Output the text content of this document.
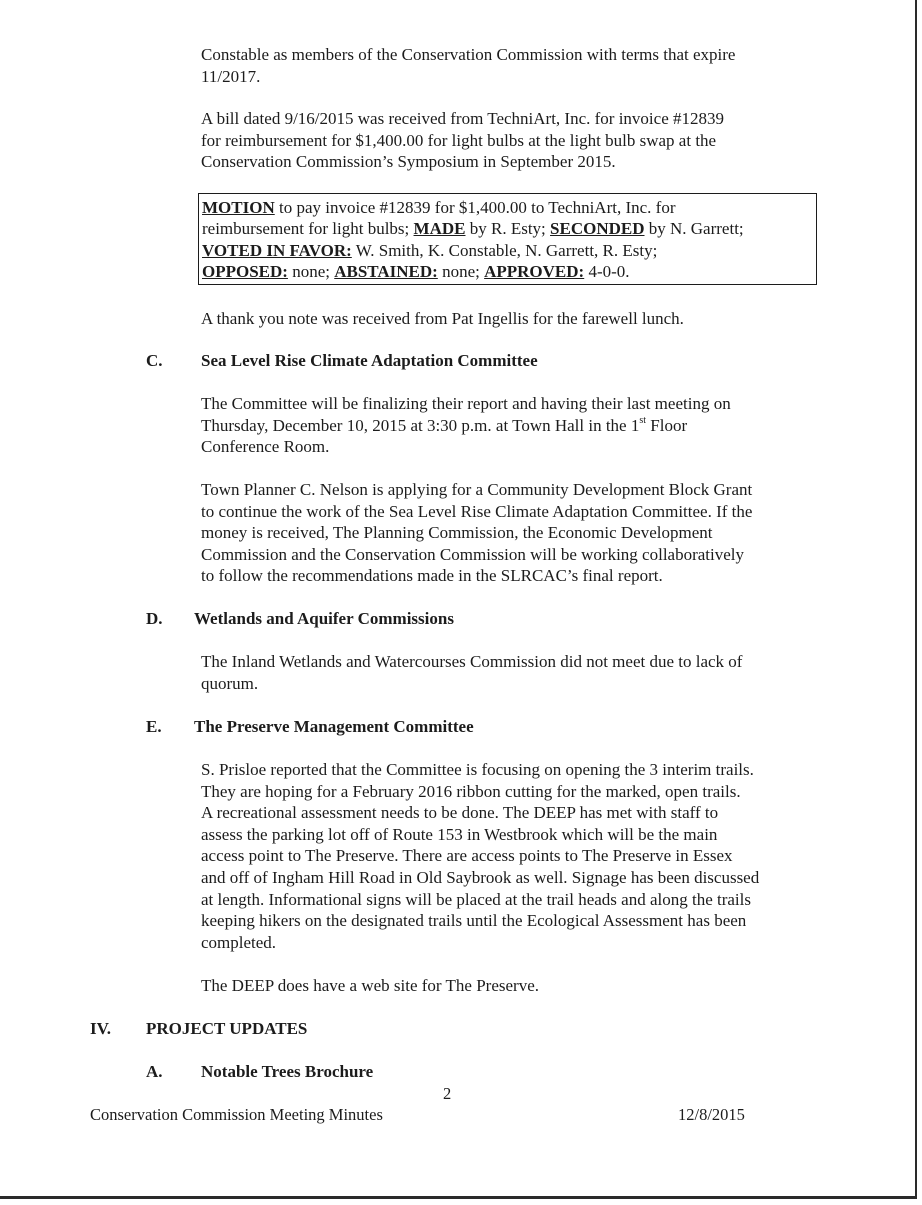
Constable as members of the Conservation Commission with terms that expire
11/2017.
A bill dated 9/16/2015 was received from TechniArt, Inc. for invoice #12839
for reimbursement for $1,400.00 for light bulbs at the light bulb swap at the
Conservation Commission’s Symposium in September 2015.
MOTION to pay invoice #12839 for $1,400.00 to TechniArt, Inc. for
reimbursement for light bulbs; MADE by R. Esty; SECONDED by N. Garrett;
VOTED IN FAVOR: W. Smith, K. Constable, N. Garrett, R. Esty;
OPPOSED: none; ABSTAINED: none; APPROVED: 4-0-0.
A thank you note was received from Pat Ingellis for the farewell lunch.
C. Sea Level Rise Climate Adaptation Committee
The Committee will be finalizing their report and having their last meeting on
Thursday, December 10, 2015 at 3:30 p.m. at Town Hall in the 1st Floor
Conference Room.
Town Planner C. Nelson is applying for a Community Development Block Grant
to continue the work of the Sea Level Rise Climate Adaptation Committee. If the
money is received, The Planning Commission, the Economic Development
Commission and the Conservation Commission will be working collaboratively
to follow the recommendations made in the SLRCAC’s final report.
D. Wetlands and Aquifer Commissions
The Inland Wetlands and Watercourses Commission did not meet due to lack of
quorum.
E. The Preserve Management Committee
S. Prisloe reported that the Committee is focusing on opening the 3 interim trails.
They are hoping for a February 2016 ribbon cutting for the marked, open trails.
A recreational assessment needs to be done. The DEEP has met with staff to
assess the parking lot off of Route 153 in Westbrook which will be the main
access point to The Preserve. There are access points to The Preserve in Essex
and off of Ingham Hill Road in Old Saybrook as well. Signage has been discussed
at length. Informational signs will be placed at the trail heads and along the trails
keeping hikers on the designated trails until the Ecological Assessment has been
completed.
The DEEP does have a web site for The Preserve.
IV. PROJECT UPDATES
A. Notable Trees Brochure
2
Conservation Commission Meeting Minutes	12/8/2015
